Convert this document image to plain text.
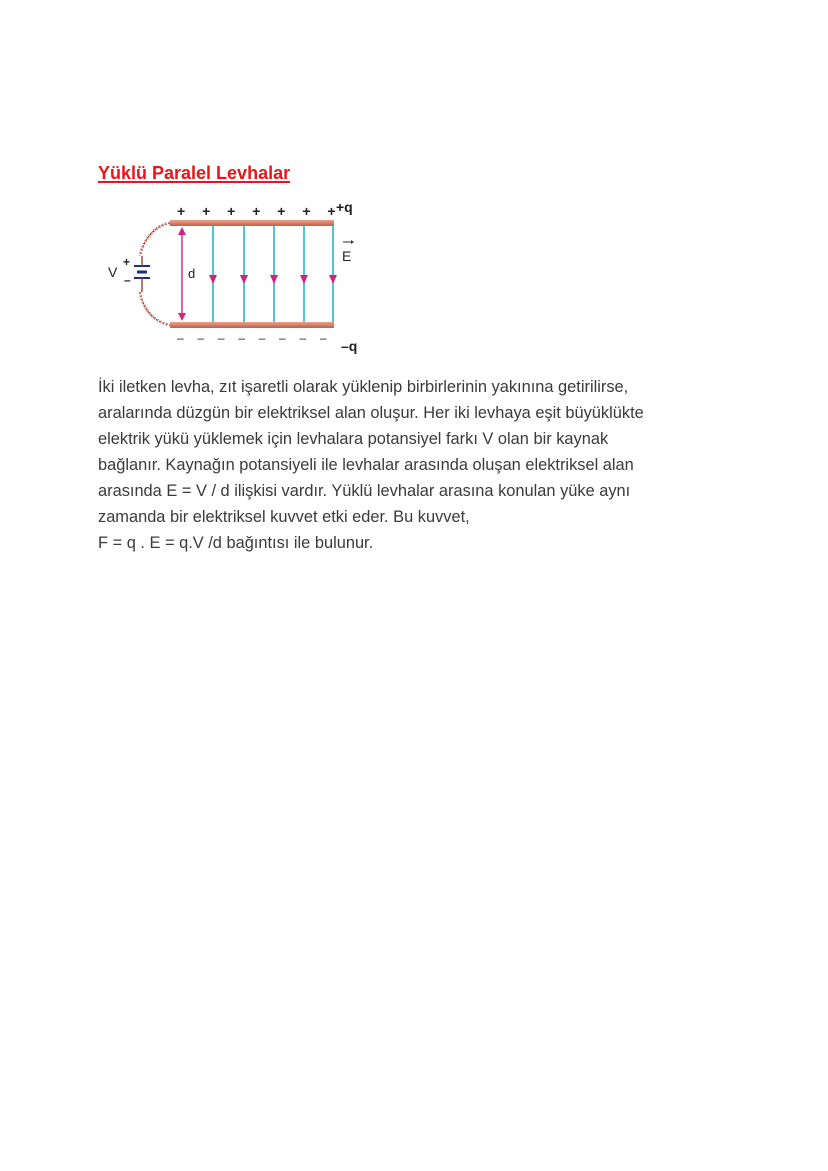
Yüklü Paralel Levhalar
+ + + + + + +
+q
d
E
+
–
V
– – – – – – – – –q

İki iletken levha, zıt işaretli olarak yüklenip birbirlerinin yakınına getirilirse,

aralarında düzgün bir elektriksel alan oluşur. Her iki levhaya eşit büyüklükte

elektrik yükü yüklemek için levhalara potansiyel farkı V olan bir kaynak

bağlanır. Kaynağın potansiyeli ile levhalar arasında oluşan elektriksel alan

arasında E = V / d ilişkisi vardır. Yüklü levhalar arasına konulan yüke aynı

zamanda bir elektriksel kuvvet etki eder. Bu kuvvet,

F = q . E = q.V /d bağıntısı ile bulunur.
